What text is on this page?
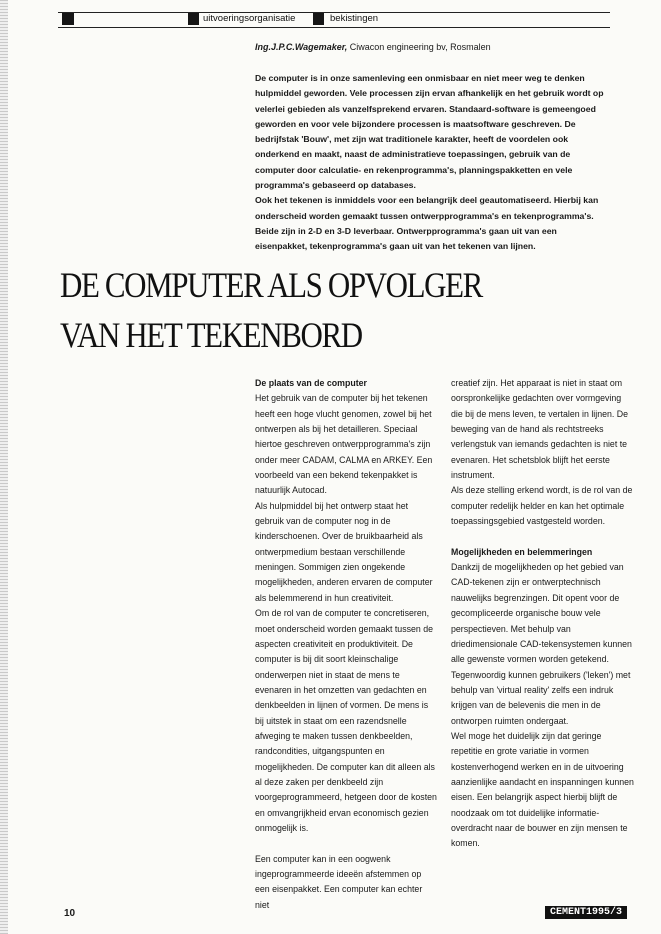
uitvoeringsorganisatie	bekistingen
Ing.J.P.C.Wagemaker, Ciwacon engineering bv, Rosmalen

De computer is in onze samenleving een onmisbaar en niet meer weg te denken hulpmiddel geworden. Vele processen zijn ervan afhankelijk en het gebruik wordt op velerlei gebieden als vanzelfsprekend ervaren. Standaard-software is gemeengoed geworden en voor vele bijzondere processen is maatsoftware geschreven. De bedrijfstak 'Bouw', met zijn wat traditionele karakter, heeft de voordelen ook onderkend en maakt, naast de administratieve toepassingen, gebruik van de computer door calculatie- en rekenprogramma's, planningspakketten en vele programma's gebaseerd op databases.

Ook het tekenen is inmiddels voor een belangrijk deel geautomatiseerd. Hierbij kan onderscheid worden gemaakt tussen ontwerpprogramma's en tekenprogramma's. Beide zijn in 2-D en 3-D leverbaar. Ontwerpprogramma's gaan uit van een eisenpakket, tekenprogramma's gaan uit van het tekenen van lijnen.

DE COMPUTER ALS OPVOLGER
VAN HET TEKENBORD
De plaats van de computer

Het gebruik van de computer bij het tekenen heeft een hoge vlucht genomen, zowel bij het ontwerpen als bij het detailleren. Speciaal hiertoe geschreven ontwerpprogramma's zijn onder meer CADAM, CALMA en ARKEY. Een voorbeeld van een bekend tekenpakket is natuurlijk Autocad.

Als hulpmiddel bij het ontwerp staat het gebruik van de computer nog in de kinderschoenen. Over de bruikbaarheid als ontwerpmedium bestaan verschillende meningen. Sommigen zien ongekende mogelijkheden, anderen ervaren de computer als belemmerend in hun creativiteit.

Om de rol van de computer te concretiseren, moet onderscheid worden gemaakt tussen de aspecten creativiteit en produktiviteit. De computer is bij dit soort kleinschalige onderwerpen niet in staat de mens te evenaren in het omzetten van gedachten en denkbeelden in lijnen of vormen. De mens is bij uitstek in staat om een razendsnelle afweging te maken tussen denkbeelden, randcondities, uitgangspunten en mogelijkheden. De computer kan dit alleen als al deze zaken per denkbeeld zijn voorgeprogrammeerd, hetgeen door de kosten en omvangrijkheid ervan economisch gezien onmogelijk is.

Een computer kan in een oogwenk ingeprogrammeerde ideeën afstemmen op een eisenpakket. Een computer kan echter niet

creatief zijn. Het apparaat is niet in staat om oorspronkelijke gedachten over vormgeving die bij de mens leven, te vertalen in lijnen. De beweging van de hand als rechtstreeks verlengstuk van iemands gedachten is niet te evenaren. Het schetsblok blijft het eerste instrument.

Als deze stelling erkend wordt, is de rol van de computer redelijk helder en kan het optimale toepassingsgebied vastgesteld worden.

Mogelijkheden en belemmeringen

Dankzij de mogelijkheden op het gebied van CAD-tekenen zijn er ontwerptechnisch nauwelijks begrenzingen. Dit opent voor de gecompliceerde organische bouw vele perspectieven. Met behulp van driedimensionale CAD-tekensystemen kunnen alle gewenste vormen worden getekend. Tegenwoordig kunnen gebruikers ('leken') met behulp van 'virtual reality' zelfs een indruk krijgen van de belevenis die men in de ontworpen ruimten ondergaat.

Wel moge het duidelijk zijn dat geringe repetitie en grote variatie in vormen kostenverhogend werken en in de uitvoering aanzienlijke aandacht en inspanningen kunnen eisen. Een belangrijk aspect hierbij blijft de noodzaak om tot duidelijke informatie-overdracht naar de bouwer en zijn mensen te komen.

10	CEMENT1995/3
